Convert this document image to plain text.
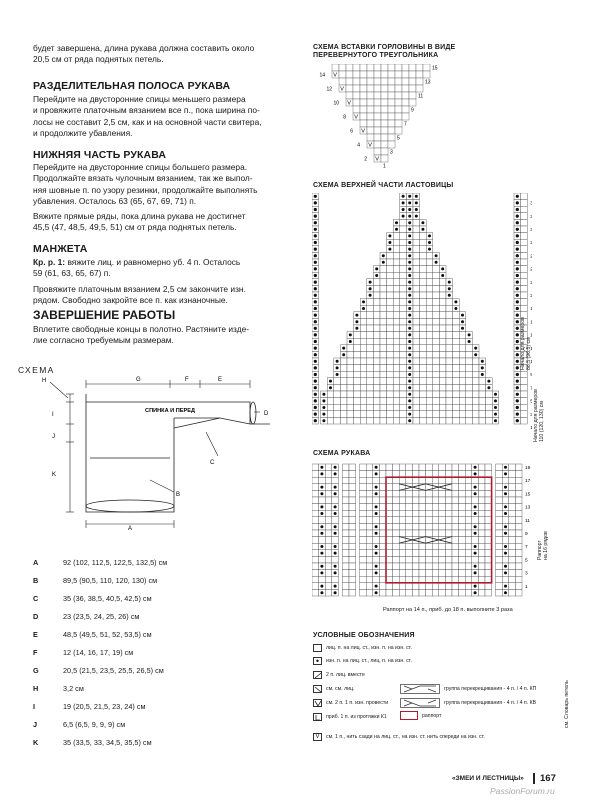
будет завершена, длина рукава должна составить около
20,5 см от ряда поднятых петель.
РАЗДЕЛИТЕЛЬНАЯ ПОЛОСА РУКАВА
Перейдите на двусторонние спицы меньшего размера
и провяжите платочным вязанием все п., пока ширина по-
лосы не составит 2,5 см, как и на основной части свитера,
и продолжите убавления.
НИЖНЯЯ ЧАСТЬ РУКАВА
Перейдите на двусторонние спицы большего размера.
Продолжайте вязать чулочным вязанием, так же выпол-
няя шовные п. по узору резинки, продолжайте выполнять
убавления. Осталось 63 (65, 67, 69, 71) п.
Вяжите прямые ряды, пока длина рукава не достигнет
45,5 (47, 48,5, 49,5, 51) см от ряда поднятых петель.
МАНЖЕТА
Кр. р. 1: вяжите лиц. и равномерно уб. 4 п. Осталось
59 (61, 63, 65, 67) п.
Провяжите платочным вязанием 2,5 см закончите изн.
рядом. Свободно закройте все п. как изнаночные.
ЗАВЕРШЕНИЕ РАБОТЫ
Вплетите свободные концы в полотно. Растяните изде-
лие согласно требуемым размерам.
СХЕМА
СПИНКА И ПЕРЕД
G	F	E
H
I
J
K
A
B
C
D
A	92 (102, 112,5, 122,5, 132,5) см
B	89,5 (90,5, 110, 120, 130) см
C	35 (36, 38,5, 40,5, 42,5) см
D	23 (23,5, 24, 25, 26) см
E	48,5 (49,5, 51, 52, 53,5) см
F	12 (14, 16, 17, 19) см
G	20,5 (21,5, 23,5, 25,5, 26,5) см
H	3,2 см
I	19 (20,5, 21,5, 23, 24) см
J	6,5 (6,5, 9, 9, 9) см
K	35 (33,5, 33, 34,5, 35,5) см
СХЕМА ВСТАВКИ ГОРЛОВИНЫ В ВИДЕ
ПЕРЕВЕРНУТОГО ТРЕУГОЛЬНИКА
V
V
V
V
V
V
V
14
12
10
8
6
4
2
15
13
11
9
7
5
3
1
СХЕМА ВЕРХНЕЙ ЧАСТИ ЛАСТОВИЦЫ
9
7
5
3
1
Начало для размеров 86,5 (96,5) см
Начало для размеров 110 (120, 130) см
СХЕМА РУКАВА
19
17
15
13
11
9
7
5
3
1
Раппорт на 16 рядов
Раппорт на 14 п., приб. до 18 п. выполните 3 раза
УСЛОВНЫЕ ОБОЗНАЧЕНИЯ
лиц. п. на лиц. ст., изн. п. на изн. ст.
•	изн. п. на лиц. ст., лиц. п. на изн. ст.
2 п. лиц. вместе
см. см. лиц.
см. 2 п. 1 п. изн. провести
приб. 1 п. из протяжки К1
V	см. 1 п., нить сзади на лиц. ст., на изн. ст. нить спереди на изн. ст.
группа перекрещивания - 4 п. / 4 п. КП
группа перекрещивания - 4 п. / 4 п. КВ
раппорт	см. Словарь петель
«ЗМЕИ И ЛЕСТНИЦЫ» 167
PassionForum.ru
